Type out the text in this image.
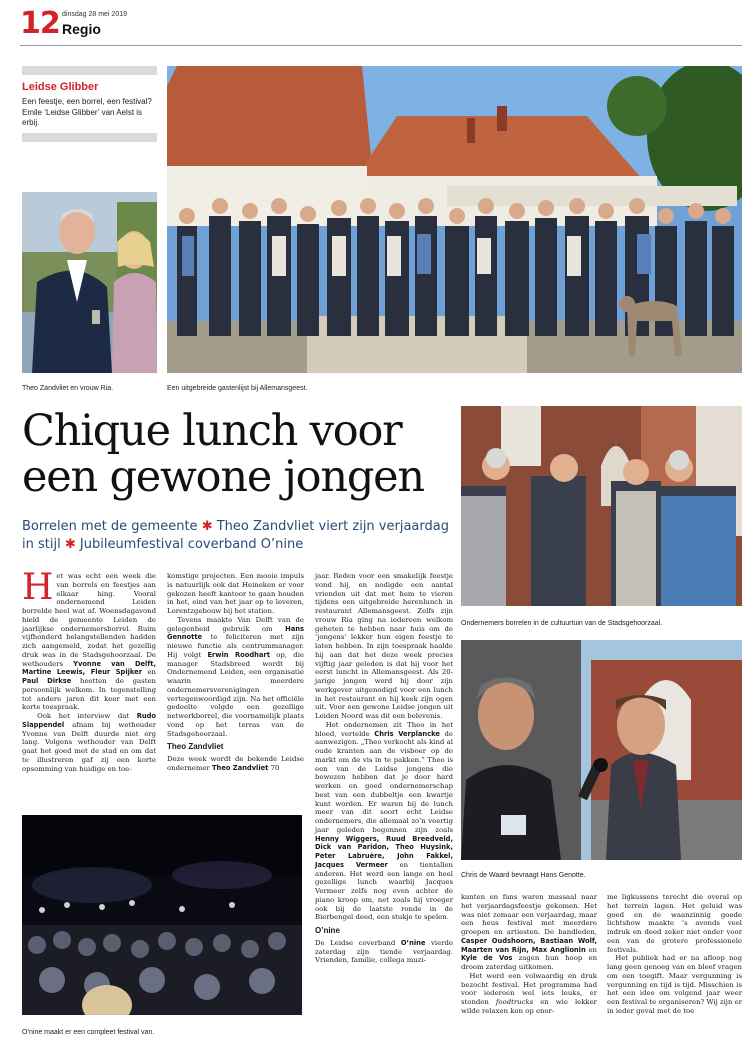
12 dinsdag 28 mei 2019
Regio
Leidse Glibber
Een feestje, een borrel, een festival? Emile ‘Leidse Glibber’ van Aelst is erbij.
Theo Zandvliet en vrouw Ria.	Een uitgebreide gastenlijst bij Allemansgeest.
Chique lunch voor
een gewone jongen
Borrelen met de gemeente ✱ Theo Zandvliet viert zijn verjaardag in stijl ✱ Jubileumfestival coverband O’nine
Ondernemers borrelen in de cultuurtuin van de Stadsgehoorzaal.
Chris de Waard bevraagt Hans Genotte.
O’nine maakt er een compleet festival van.

Het was echt een week die van borrels en feestjes aan elkaar hing. Vooral ondernemend Leiden borrelde heel wat af. Woensdagavond hield de gemeente Leiden de jaarlijkse ondernemersborrel. Ruim vijfhonderd belangstellenden hadden zich aangemeld, zodat het gezellig druk was in de Stadsgehoorzaal. De wethouders Yvonne van Delft, Martine Leewis, Fleur Spijker en Paul Dirkse heetten de gasten persoonlijk welkom. In tegenstelling tot andere jaren dit keer met een korte toespraak.

Ook het interview dat Rudo Slappendel afnam bij wethouder Yvonne van Delft duurde niet erg lang. Volgens wethouder van Delft gaat het goed met de stad en om dat te illustreren gaf zij een korte opsomming van huidige en toe-

komstige projecten. Een mooie impuls is natuurlijk ook dat Heineken er voor gekozen heeft kantoor te gaan houden in het, eind van het jaar op te leveren, Lorentzgebouw bij het station.

Tevens maakte Van Delft van de gelegenheid gebruik om Hans Gennotte te feliciteren met zijn nieuwe functie als centrummanager. Hij volgt Erwin Roodhart op, die manager Stadsbreed wordt bij Ondernemend Leiden, een organisatie waarin meerdere ondernemersverenigingen vertegenwoordigd zijn. Na het officiële gedeelte volgde een gezellige netwerkborrel, die voornamelijk plaats vond op het terras van de Stadsgehoorzaal.

Theo Zandvliet

Deze week wordt de bekende Leidse ondernemer Theo Zandvliet 70

jaar. Reden voor een smakelijk feestje vond hij, en nodigde een aantal vrienden uit dat met hem te vieren tijdens een uitgebreide herenlunch in restaurant Allemansgeest. Zelfs zijn vrouw Ria ging na iedereen welkom geheten te hebben naar huis om de ‘jongens’ lekker hun eigen feestje te laten hebben. In zijn toespraak haalde hij aan dat het deze week precies vijftig jaar geleden is dat hij voor het eerst luncht in Allemansgeest. Als 20-jarige jongen werd hij door zijn werkgever uitgenodigd voor een lunch in het restaurant en hij keek zijn ogen uit. Voor een gewone Leidse jongen uit Leiden Noord was dit een belevenis.

Het ondernemen zit Theo in het bloed, vertelde Chris Verplancke de aanwezigen. „Theo verkocht als kind al oude kranten aan de visboer op de markt om de vis in te pakken.” Theo is een van de Leidse jongens die bewezen hebben dat je door hard werken en goed ondernemerschap best van een dubbeltje een kwartje kunt worden. Er waren bij de lunch meer van dit soort echt Leidse ondernemers, die allemaal zo’n veertig jaar geleden begonnen zijn zoals Henny Wiggers, Ruud Breedveld, Dick van Paridon, Theo Huysink, Peter Labruère, John Fakkel, Jacques Vermeer en tientallen anderen. Het werd een lange en heel gezellige lunch waarbij Jacques Vermeer zelfs nog even achter de piano kroop om, net zoals hij vroeger ook bij de laatste ronde in de Bierbengel deed, een stukje te spelen.

O’nine

De Leidse coverband O’nine vierde zaterdag zijn tiende verjaardag. Vrienden, familie, collega muzi-

kanten en fans waren massaal naar het verjaardagsfeestje gekomen. Het was niet zomaar een verjaardag, maar een heus festival met meerdere groepen en artiesten. De bandleden, Casper Oudshoorn, Bastiaan Wolf, Maarten van Rijn, Max Anglionin en Kyle de Vos zagen hun hoop en droom zaterdag uitkomen.

Het werd een volwaardig en druk bezocht festival. Het programma had voor iedereen wel iets leuks, er stonden foodtrucks en wie lekker wilde relaxen kon op enor-

me ligkussens terecht die overal op het terrein lagen. Het geluid was goed en de waanzinnig goede lichtshow maakte ’s avonds veel indruk en deed zeker niet onder voor een van de grotere professionele festivals.

Het publiek had er na afloop nog lang geen genoeg van en bleef vragen om een toegift. Maar vergunning is vergunning en tijd is tijd. Misschien is het een idee om volgend jaar weer een festival te organiseren? Wij zijn er in ieder geval met de toe
